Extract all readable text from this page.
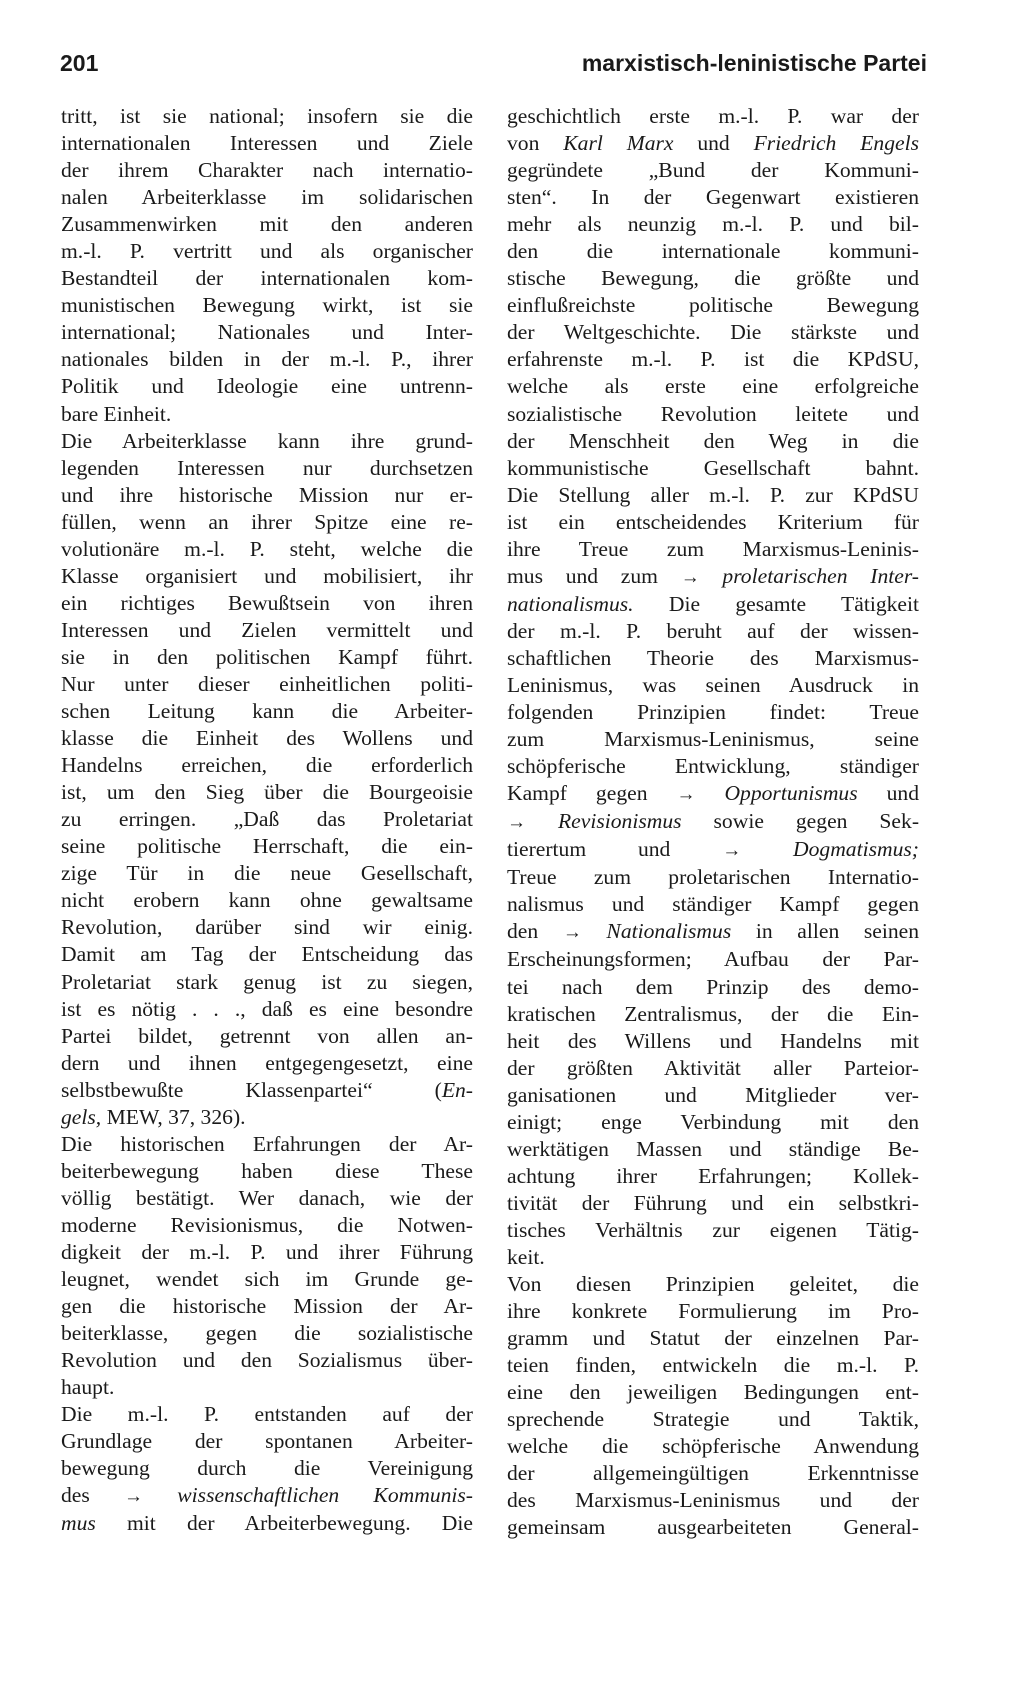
201	marxistisch-leninistische Partei
tritt, ist sie national; insofern sie die
internationalen Interessen und Ziele
der ihrem Charakter nach internatio-
nalen Arbeiterklasse im solidarischen
Zusammenwirken mit den anderen
m.-l. P. vertritt und als organischer
Bestandteil der internationalen kom-
munistischen Bewegung wirkt, ist sie
international; Nationales und Inter-
nationales bilden in der m.-l. P., ihrer
Politik und Ideologie eine untrenn-
bare Einheit.
Die Arbeiterklasse kann ihre grund-
legenden Interessen nur durchsetzen
und ihre historische Mission nur er-
füllen, wenn an ihrer Spitze eine re-
volutionäre m.-l. P. steht, welche die
Klasse organisiert und mobilisiert, ihr
ein richtiges Bewußtsein von ihren
Interessen und Zielen vermittelt und
sie in den politischen Kampf führt.
Nur unter dieser einheitlichen politi-
schen Leitung kann die Arbeiter-
klasse die Einheit des Wollens und
Handelns erreichen, die erforderlich
ist, um den Sieg über die Bourgeoisie
zu erringen. „Daß das Proletariat
seine politische Herrschaft, die ein-
zige Tür in die neue Gesellschaft,
nicht erobern kann ohne gewaltsame
Revolution, darüber sind wir einig.
Damit am Tag der Entscheidung das
Proletariat stark genug ist zu siegen,
ist es nötig . . ., daß es eine besondre
Partei bildet, getrennt von allen an-
dern und ihnen entgegengesetzt, eine
selbstbewußte Klassenpartei“ (En-
gels, MEW, 37, 326).
Die historischen Erfahrungen der Ar-
beiterbewegung haben diese These
völlig bestätigt. Wer danach, wie der
moderne Revisionismus, die Notwen-
digkeit der m.-l. P. und ihrer Führung
leugnet, wendet sich im Grunde ge-
gen die historische Mission der Ar-
beiterklasse, gegen die sozialistische
Revolution und den Sozialismus über-
haupt.
Die m.-l. P. entstanden auf der
Grundlage der spontanen Arbeiter-
bewegung durch die Vereinigung
des → wissenschaftlichen Kommunis-
mus mit der Arbeiterbewegung. Die
geschichtlich erste m.-l. P. war der
von Karl Marx und Friedrich Engels
gegründete „Bund der Kommuni-
sten“. In der Gegenwart existieren
mehr als neunzig m.-l. P. und bil-
den die internationale kommuni-
stische Bewegung, die größte und
einflußreichste politische Bewegung
der Weltgeschichte. Die stärkste und
erfahrenste m.-l. P. ist die KPdSU,
welche als erste eine erfolgreiche
sozialistische Revolution leitete und
der Menschheit den Weg in die
kommunistische Gesellschaft bahnt.
Die Stellung aller m.-l. P. zur KPdSU
ist ein entscheidendes Kriterium für
ihre Treue zum Marxismus-Leninis-
mus und zum → proletarischen Inter-
nationalismus. Die gesamte Tätigkeit
der m.-l. P. beruht auf der wissen-
schaftlichen Theorie des Marxismus-
Leninismus, was seinen Ausdruck in
folgenden Prinzipien findet: Treue
zum Marxismus-Leninismus, seine
schöpferische Entwicklung, ständiger
Kampf gegen → Opportunismus und
→ Revisionismus sowie gegen Sek-
tierertum und → Dogmatismus;
Treue zum proletarischen Internatio-
nalismus und ständiger Kampf gegen
den → Nationalismus in allen seinen
Erscheinungsformen; Aufbau der Par-
tei nach dem Prinzip des demo-
kratischen Zentralismus, der die Ein-
heit des Willens und Handelns mit
der größten Aktivität aller Parteior-
ganisationen und Mitglieder ver-
einigt; enge Verbindung mit den
werktätigen Massen und ständige Be-
achtung ihrer Erfahrungen; Kollek-
tivität der Führung und ein selbstkri-
tisches Verhältnis zur eigenen Tätig-
keit.
Von diesen Prinzipien geleitet, die
ihre konkrete Formulierung im Pro-
gramm und Statut der einzelnen Par-
teien finden, entwickeln die m.-l. P.
eine den jeweiligen Bedingungen ent-
sprechende Strategie und Taktik,
welche die schöpferische Anwendung
der allgemeingültigen Erkenntnisse
des Marxismus-Leninismus und der
gemeinsam ausgearbeiteten General-
